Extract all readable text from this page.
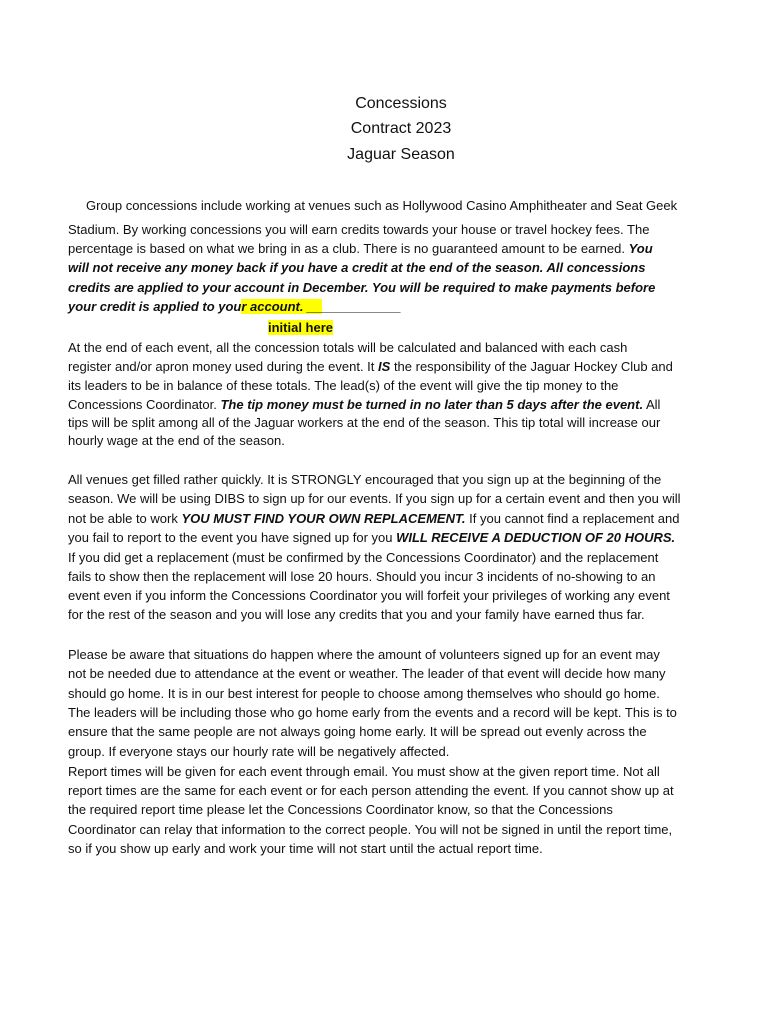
Concessions
Contract 2023
Jaguar Season
Group concessions include working at venues such as Hollywood Casino Amphitheater and Seat Geek
Stadium. By working concessions you will earn credits towards your house or travel hockey fees. The
percentage is based on what we bring in as a club. There is no guaranteed amount to be earned. You
will not receive any money back if you have a credit at the end of the season. All concessions
credits are applied to your account in December. You will be required to make payments before
your credit is applied to your account. _____________
initial here
At the end of each event, all the concession totals will be calculated and balanced with each cash
register and/or apron money used during the event. It IS the responsibility of the Jaguar Hockey Club and
its leaders to be in balance of these totals. The lead(s) of the event will give the tip money to the
Concessions Coordinator. The tip money must be turned in no later than 5 days after the event. All
tips will be split among all of the Jaguar workers at the end of the season. This tip total will increase our
hourly wage at the end of the season.
All venues get filled rather quickly. It is STRONGLY encouraged that you sign up at the beginning of the
season. We will be using DIBS to sign up for our events. If you sign up for a certain event and then you will
not be able to work YOU MUST FIND YOUR OWN REPLACEMENT. If you cannot find a replacement and
you fail to report to the event you have signed up for you WILL RECEIVE A DEDUCTION OF 20 HOURS.
If you did get a replacement (must be confirmed by the Concessions Coordinator) and the replacement
fails to show then the replacement will lose 20 hours. Should you incur 3 incidents of no-showing to an
event even if you inform the Concessions Coordinator you will forfeit your privileges of working any event
for the rest of the season and you will lose any credits that you and your family have earned thus far.
Please be aware that situations do happen where the amount of volunteers signed up for an event may
not be needed due to attendance at the event or weather. The leader of that event will decide how many
should go home. It is in our best interest for people to choose among themselves who should go home.
The leaders will be including those who go home early from the events and a record will be kept. This is to
ensure that the same people are not always going home early. It will be spread out evenly across the
group. If everyone stays our hourly rate will be negatively affected.
Report times will be given for each event through email. You must show at the given report time. Not all
report times are the same for each event or for each person attending the event. If you cannot show up at
the required report time please let the Concessions Coordinator know, so that the Concessions
Coordinator can relay that information to the correct people. You will not be signed in until the report time,
so if you show up early and work your time will not start until the actual report time.
